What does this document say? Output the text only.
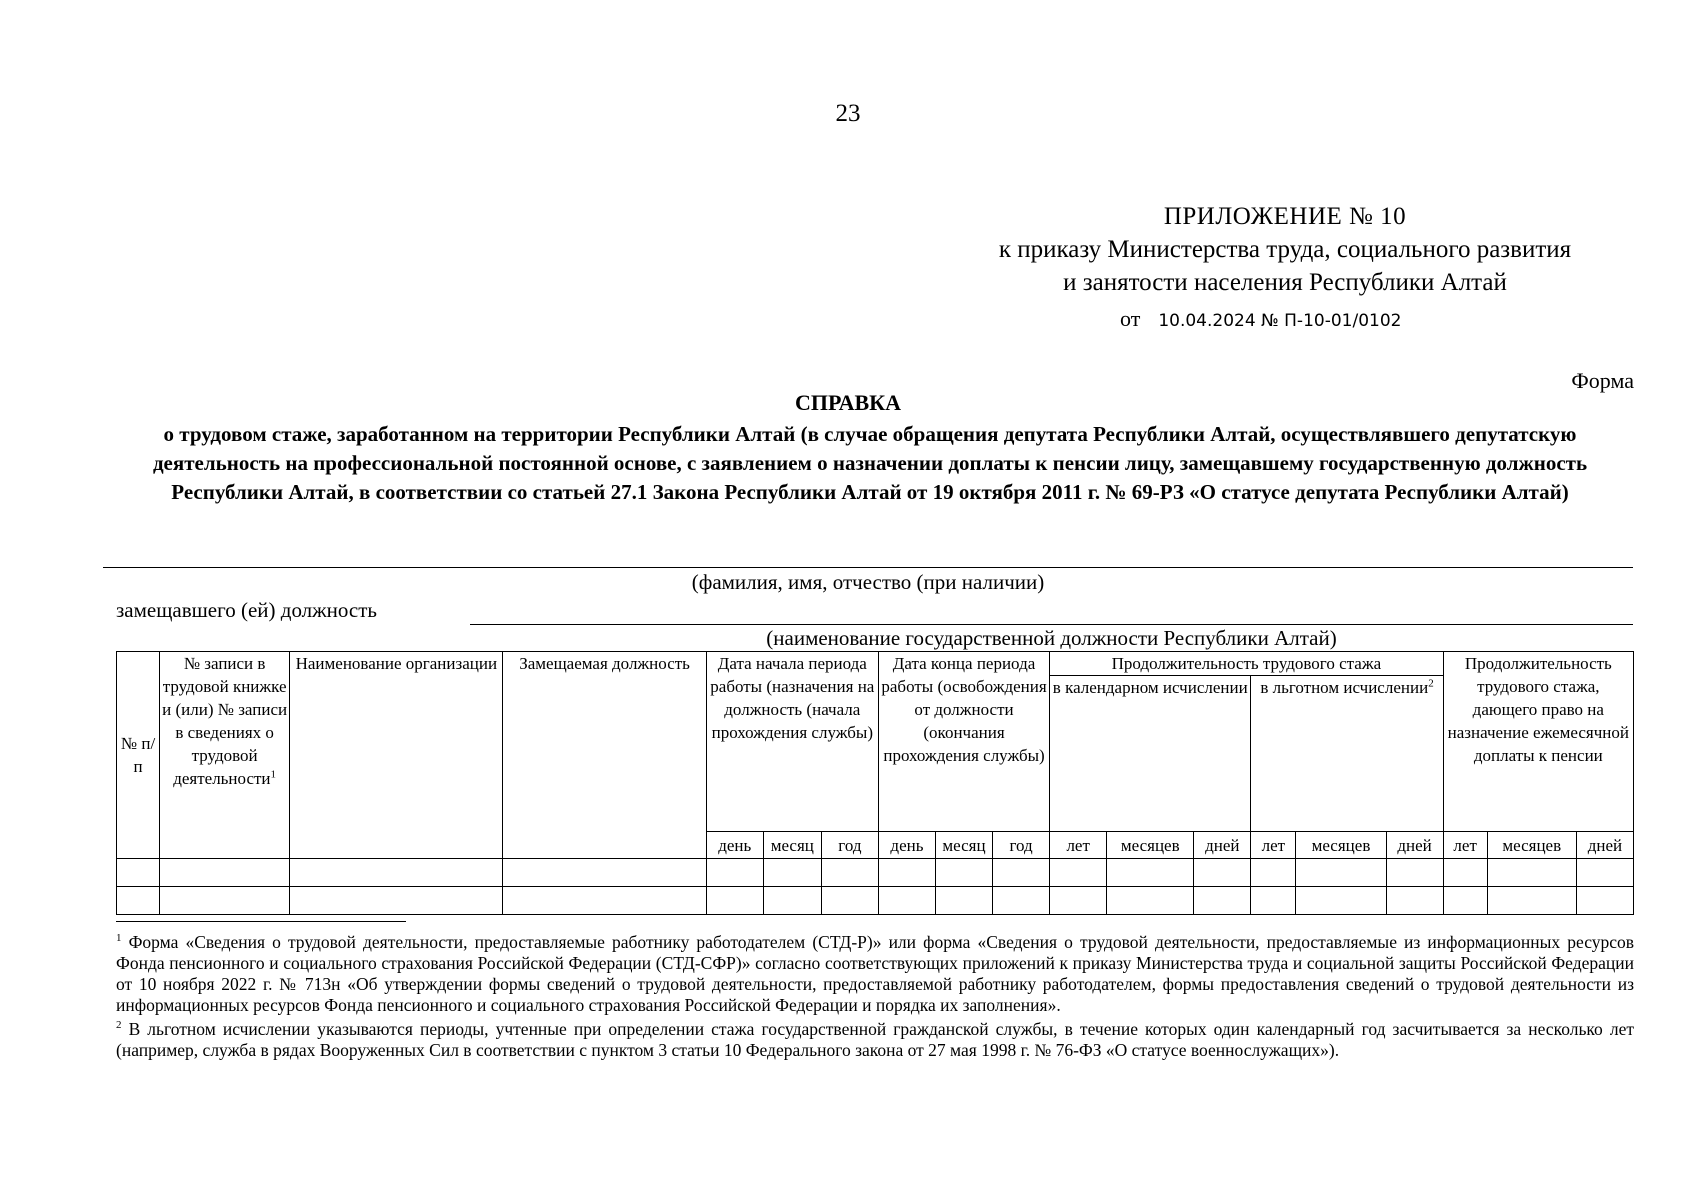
23
ПРИЛОЖЕНИЕ № 10
к приказу Министерства труда, социального развития
и занятости населения Республики Алтай
от 10.04.2024 № П-10-01/0102
Форма
СПРАВКА
о трудовом стаже, заработанном на территории Республики Алтай (в случае обращения депутата Республики Алтай, осуществлявшего депутатскую деятельность на профессиональной постоянной основе, с заявлением о назначении доплаты к пенсии лицу, замещавшему государственную должность Республики Алтай, в соответствии со статьей 27.1 Закона Республики Алтай от 19 октября 2011 г. № 69-РЗ «О статусе депутата Республики Алтай)
(фамилия, имя, отчество (при наличии)
замещавшего (ей) должность
(наименование государственной должности Республики Алтай)
№ п/п	№ записи в трудовой книжке и (или) № записи в сведениях о трудовой деятельности$^1$	Наименование организации	Замещаемая должность	Дата начала периода работы (назначения на должность (начала прохождения службы)			Дата конца периода работы (освобождения от должности (окончания прохождения службы)			Продолжительность трудового стажа						Продолжительность трудового стажа, дающего право на назначение ежемесячной доплаты к пенсии		
										в календарном исчислении			в льготном исчислении$^2$
				день	месяц	год	день	месяц	год	лет	месяцев	дней	лет	месяцев	дней	лет	месяцев	дней

$^1$ Форма «Сведения о трудовой деятельности, предоставляемые работнику работодателем (СТД-Р)» или форма «Сведения о трудовой деятельности, предоставляемые из информационных ресурсов Фонда пенсионного и социального страхования Российской Федерации (СТД-СФР)» согласно соответствующих приложений к приказу Министерства труда и социальной защиты Российской Федерации от 10 ноября 2022 г. № 713н «Об утверждении формы сведений о трудовой деятельности, предоставляемой работнику работодателем, формы предоставления сведений о трудовой деятельности из информационных ресурсов Фонда пенсионного и социального страхования Российской Федерации и порядка их заполнения».

$^2$ В льготном исчислении указываются периоды, учтенные при определении стажа государственной гражданской службы, в течение которых один календарный год засчитывается за несколько лет (например, служба в рядах Вооруженных Сил в соответствии с пунктом 3 статьи 10 Федерального закона от 27 мая 1998 г. № 76-ФЗ «О статусе военнослужащих»).
